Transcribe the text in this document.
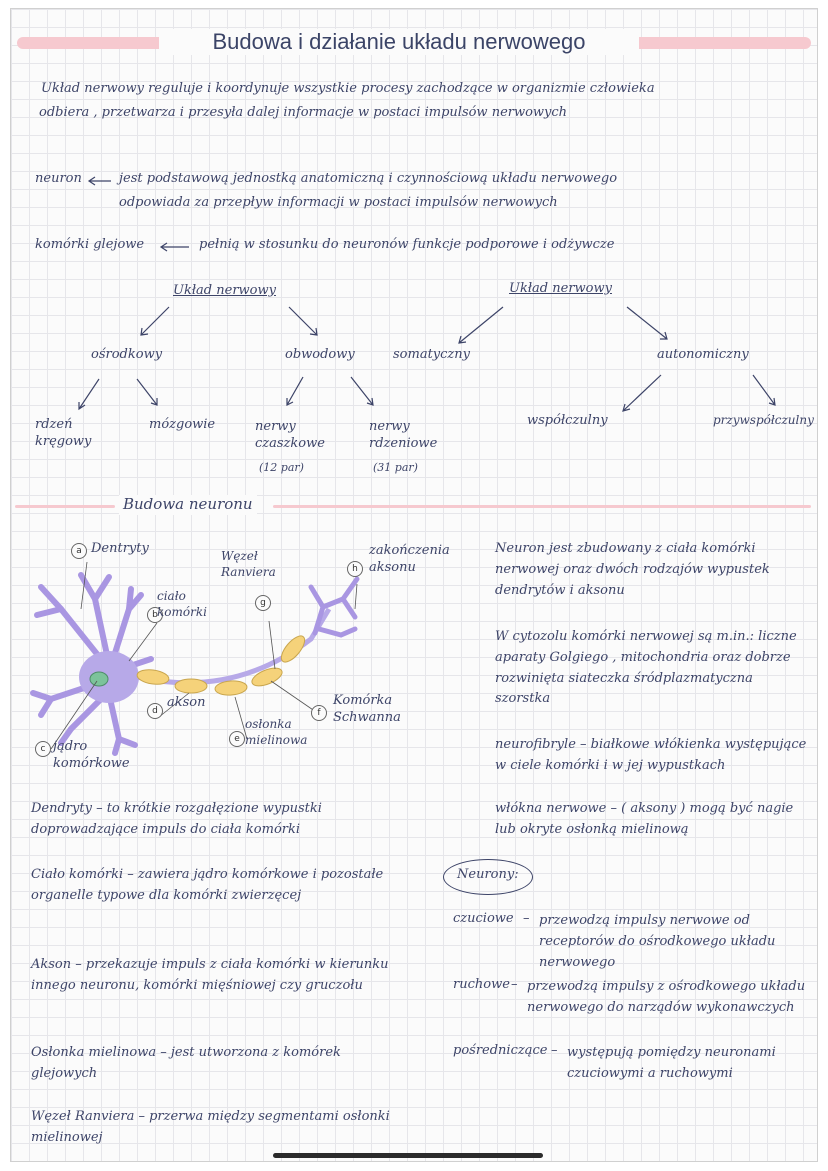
Budowa i działanie układu nerwowego
Układ nerwowy reguluje i koordynuje wszystkie procesy zachodzące w organizmie człowieka
odbiera , przetwarza i przesyła dalej informacje w postaci impulsów nerwowych
neuron	jest podstawową jednostką anatomiczną i czynnościową układu nerwowego
odpowiada za przepływ informacji w postaci impulsów nerwowych
komórki glejowe	pełnią w stosunku do neuronów funkcje podporowe i odżywcze
Układ nerwowy
ośrodkowy	obwodowy
rdzeń kręgowy
mózgowie	nerwy czaszkowe
(12 par)
nerwy rdzeniowe
(31 par)
Układ nerwowy
somatyczny	autonomiczny
współczulny	przywspółczulny
Budowa neuronu
a Dentryty
b
ciało komórki
c jądro komórkowe
d
akson
e
osłonka mielinowa
f
Komórka Schwanna
g
Węzeł Ranviera	h
zakończenia aksonu
Neuron jest zbudowany z ciała komórki nerwowej oraz dwóch rodzajów wypustek dendrytów i aksonu
W cytozolu komórki nerwowej są m.in.: liczne aparaty Golgiego , mitochondria oraz dobrze rozwinięta siateczka śródplazmatyczna szorstka
neurofibryle – białkowe włókienka występujące w ciele komórki i w jej wypustkach
włókna nerwowe – ( aksony ) mogą być nagie lub okryte osłonką mielinową
Dendryty – to krótkie rozgałęzione wypustki doprowadzające impuls do ciała komórki
Ciało komórki – zawiera jądro komórkowe i pozostałe organelle typowe dla komórki zwierzęcej
Akson – przekazuje impuls z ciała komórki w kierunku innego neuronu, komórki mięśniowej czy gruczołu
Osłonka mielinowa – jest utworzona z komórek glejowych
Węzeł Ranviera – przerwa między segmentami osłonki mielinowej
Neurony:
czuciowe – przewodzą impulsy nerwowe od receptorów do ośrodkowego układu nerwowego
ruchowe – przewodzą impulsy z ośrodkowego układu nerwowego do narządów wykonawczych
pośredniczące – występują pomiędzy neuronami czuciowymi a ruchowymi
